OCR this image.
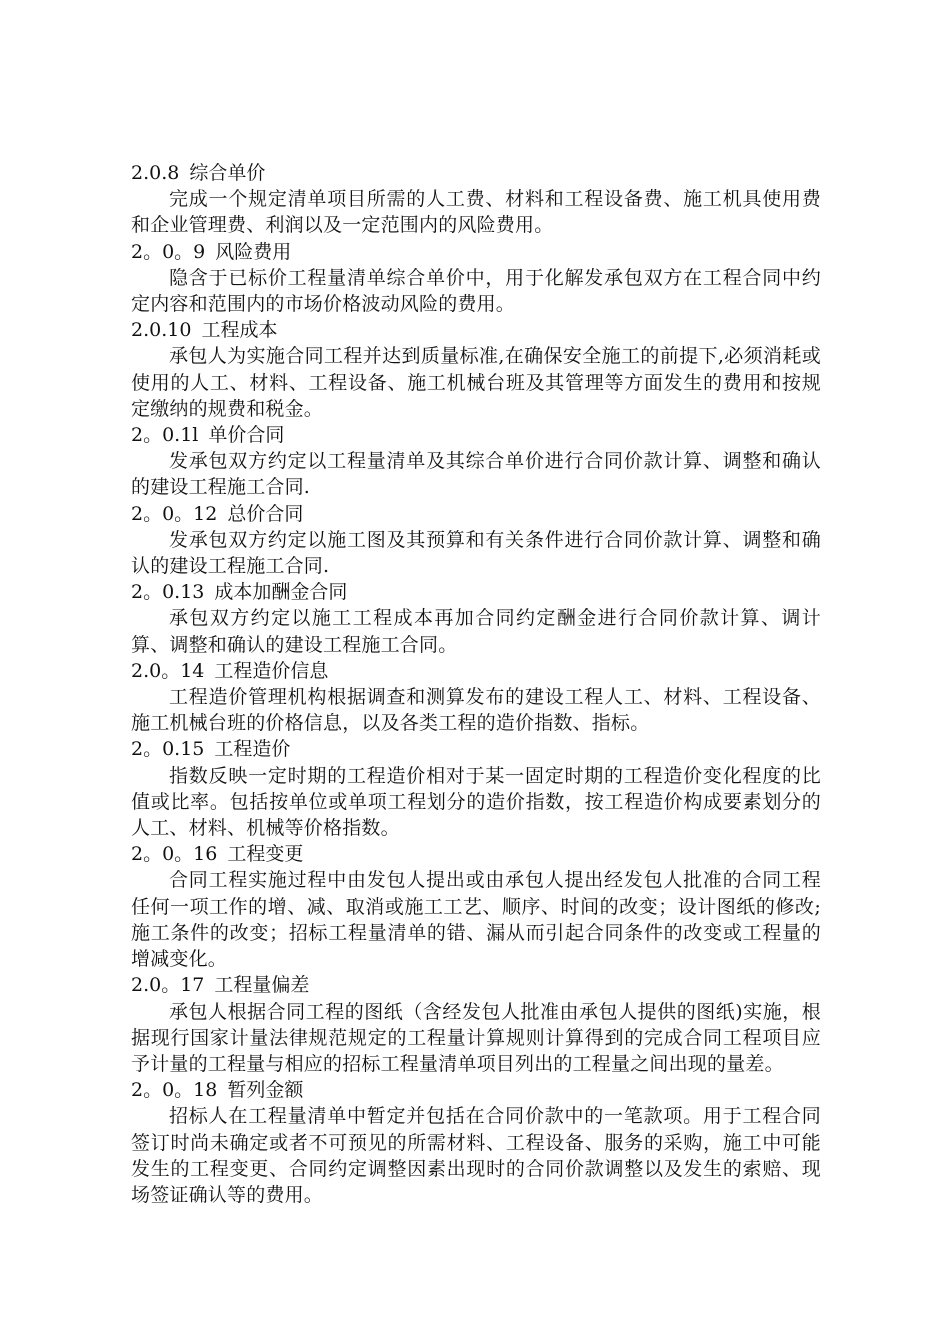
2.0.8 综合单价

完成一个规定清单项目所需的人工费、材料和工程设备费、施工机具使用费和企业管理费、利润以及一定范围内的风险费用。

2。0。9 风险费用

隐含于已标价工程量清单综合单价中，用于化解发承包双方在工程合同中约定内容和范围内的市场价格波动风险的费用。

2.0.10 工程成本

承包人为实施合同工程并达到质量标准,在确保安全施工的前提下,必须消耗或使用的人工、材料、工程设备、施工机械台班及其管理等方面发生的费用和按规定缴纳的规费和税金。

2。0.1l 单价合同

发承包双方约定以工程量清单及其综合单价进行合同价款计算、调整和确认的建设工程施工合同.

2。0。12 总价合同

发承包双方约定以施工图及其预算和有关条件进行合同价款计算、调整和确认的建设工程施工合同.

2。0.13 成本加酬金合同

承包双方约定以施工工程成本再加合同约定酬金进行合同价款计算、调计算、调整和确认的建设工程施工合同。

2.0。14 工程造价信息

工程造价管理机构根据调查和测算发布的建设工程人工、材料、工程设备、施工机械台班的价格信息，以及各类工程的造价指数、指标。

2。0.15 工程造价

指数反映一定时期的工程造价相对于某一固定时期的工程造价变化程度的比值或比率。包括按单位或单项工程划分的造价指数，按工程造价构成要素划分的人工、材料、机械等价格指数。

2。0。16 工程变更

合同工程实施过程中由发包人提出或由承包人提出经发包人批准的合同工程任何一项工作的增、减、取消或施工工艺、顺序、时间的改变；设计图纸的修改;施工条件的改变；招标工程量清单的错、漏从而引起合同条件的改变或工程量的增减变化。

2.0。17 工程量偏差

承包人根据合同工程的图纸（含经发包人批准由承包人提供的图纸)实施，根据现行国家计量法律规范规定的工程量计算规则计算得到的完成合同工程项目应予计量的工程量与相应的招标工程量清单项目列出的工程量之间出现的量差。

2。0。18 暂列金额

招标人在工程量清单中暂定并包括在合同价款中的一笔款项。用于工程合同签订时尚未确定或者不可预见的所需材料、工程设备、服务的采购，施工中可能发生的工程变更、合同约定调整因素出现时的合同价款调整以及发生的索赔、现场签证确认等的费用。
